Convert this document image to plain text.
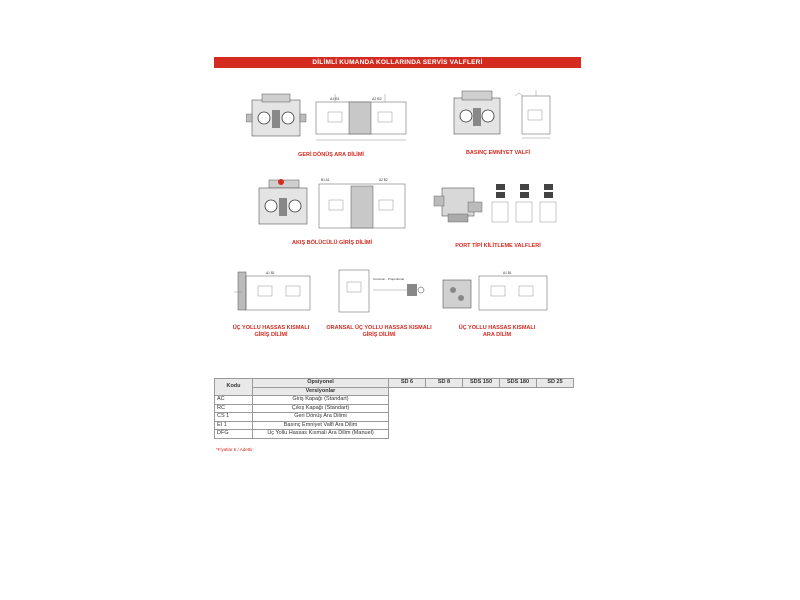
DİLİMLİ KUMANDA KOLLARINDA SERVİS VALFLERİ
A1 B1	A2 B2
GERİ DÖNÜŞ ARA DİLİMİ	BASINÇ EMNİYET VALFİ
B1 A1	A2 B2
AKIŞ BÖLÜCÜLÜ GİRİŞ DİLİMİ	PORT TİPİ KİLİTLEME VALFLERİ
A1 B1
ÜÇ YOLLU HASSAS KISMALI GİRİŞ DİLİMİ
Common · Proportional
ORANSAL ÜÇ YOLLU HASSAS KISMALI GİRİŞ DİLİMİ
A1 B1
ÜÇ YOLLU HASSAS KISMALI ARA DİLİM
Kodu	Opsiyonel	SD 6	SD 8	SDS 150	SDS 180	SD 25
	Versiyonlar					
AC	Giriş Kapağı (Standart)					
RC	Çıkış Kapağı (Standart)					
CS 1	Geri Dönüş Ara Dilimi					
EI 1	Basınç Emniyet Valfi Ara Dilim					
DFG	Üç Yollu Hassas Kısmalı Ara Dilim (Manuel)					
*Fiyatlar € / Adettir.
